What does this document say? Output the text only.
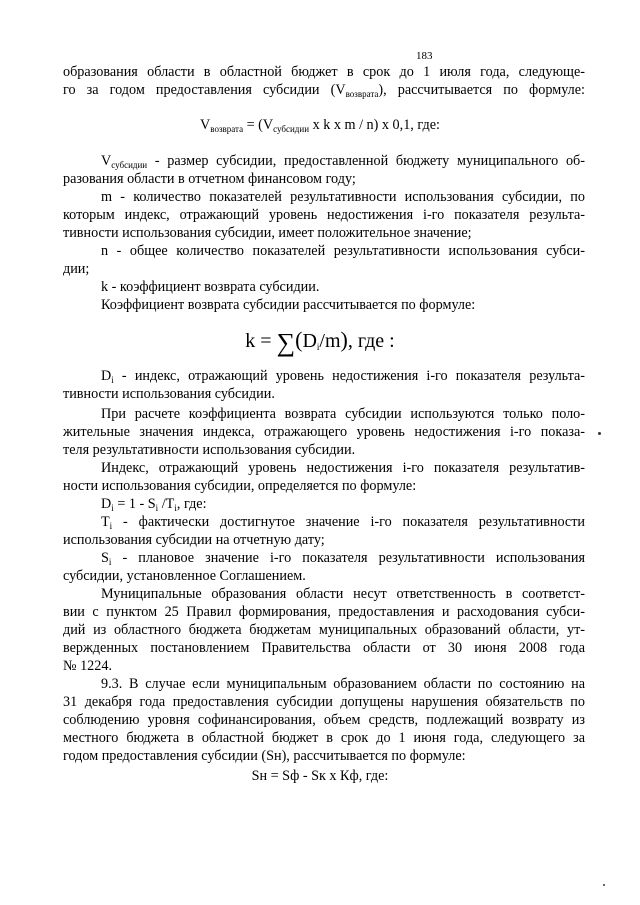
183
образования области в областной бюджет в срок до 1 июля года, следующе-
го за годом предоставления субсидии $(V_{возврата})$, рассчитывается по формуле:
$V_{возврата} = (V_{субсидии}$ x k x m / n) x 0,1, где:
$V_{субсидии}$ - размер субсидии, предоставленной бюджету муниципального об-
разования области в отчетном финансовом году;
m - количество показателей результативности использования субсидии, по
которым индекс, отражающий уровень недостижения i-го показателя результа-
тивности использования субсидии, имеет положительное значение;
n - общее количество показателей результативности использования субси-
дии;
k - коэффициент возврата субсидии.
Коэффициент возврата субсидии рассчитывается по формуле:
$k = \sum(D_i/m)$, где :
$D_i$ - индекс, отражающий уровень недостижения i-го показателя результа-
тивности использования субсидии.
При расчете коэффициента возврата субсидии используются только поло-
жительные значения индекса, отражающего уровень недостижения i-го показа-
теля результативности использования субсидии.
Индекс, отражающий уровень недостижения i-го показателя результатив-
ности использования субсидии, определяется по формуле:
$D_i = 1 - S_i$ $/T_i$, где:
$T_i$ - фактически достигнутое значение i-го показателя результативности
использования субсидии на отчетную дату;
$S_i$ - плановое значение i-го показателя результативности использования
субсидии, установленное Соглашением.
Муниципальные образования области несут ответственность в соответст-
вии с пунктом 25 Правил формирования, предоставления и расходования субси-
дий из областного бюджета бюджетам муниципальных образований области, ут-
вержденных постановлением Правительства области от 30 июня 2008 года
№ 1224.
9.3. В случае если муниципальным образованием области по состоянию на
31 декабря года предоставления субсидии допущены нарушения обязательств по
соблюдению уровня софинансирования, объем средств, подлежащий возврату из
местного бюджета в областной бюджет в срок до 1 июня года, следующего за
годом предоставления субсидии (Sн), рассчитывается по формуле:
Sн = Sф - Sк х Кф, где:
